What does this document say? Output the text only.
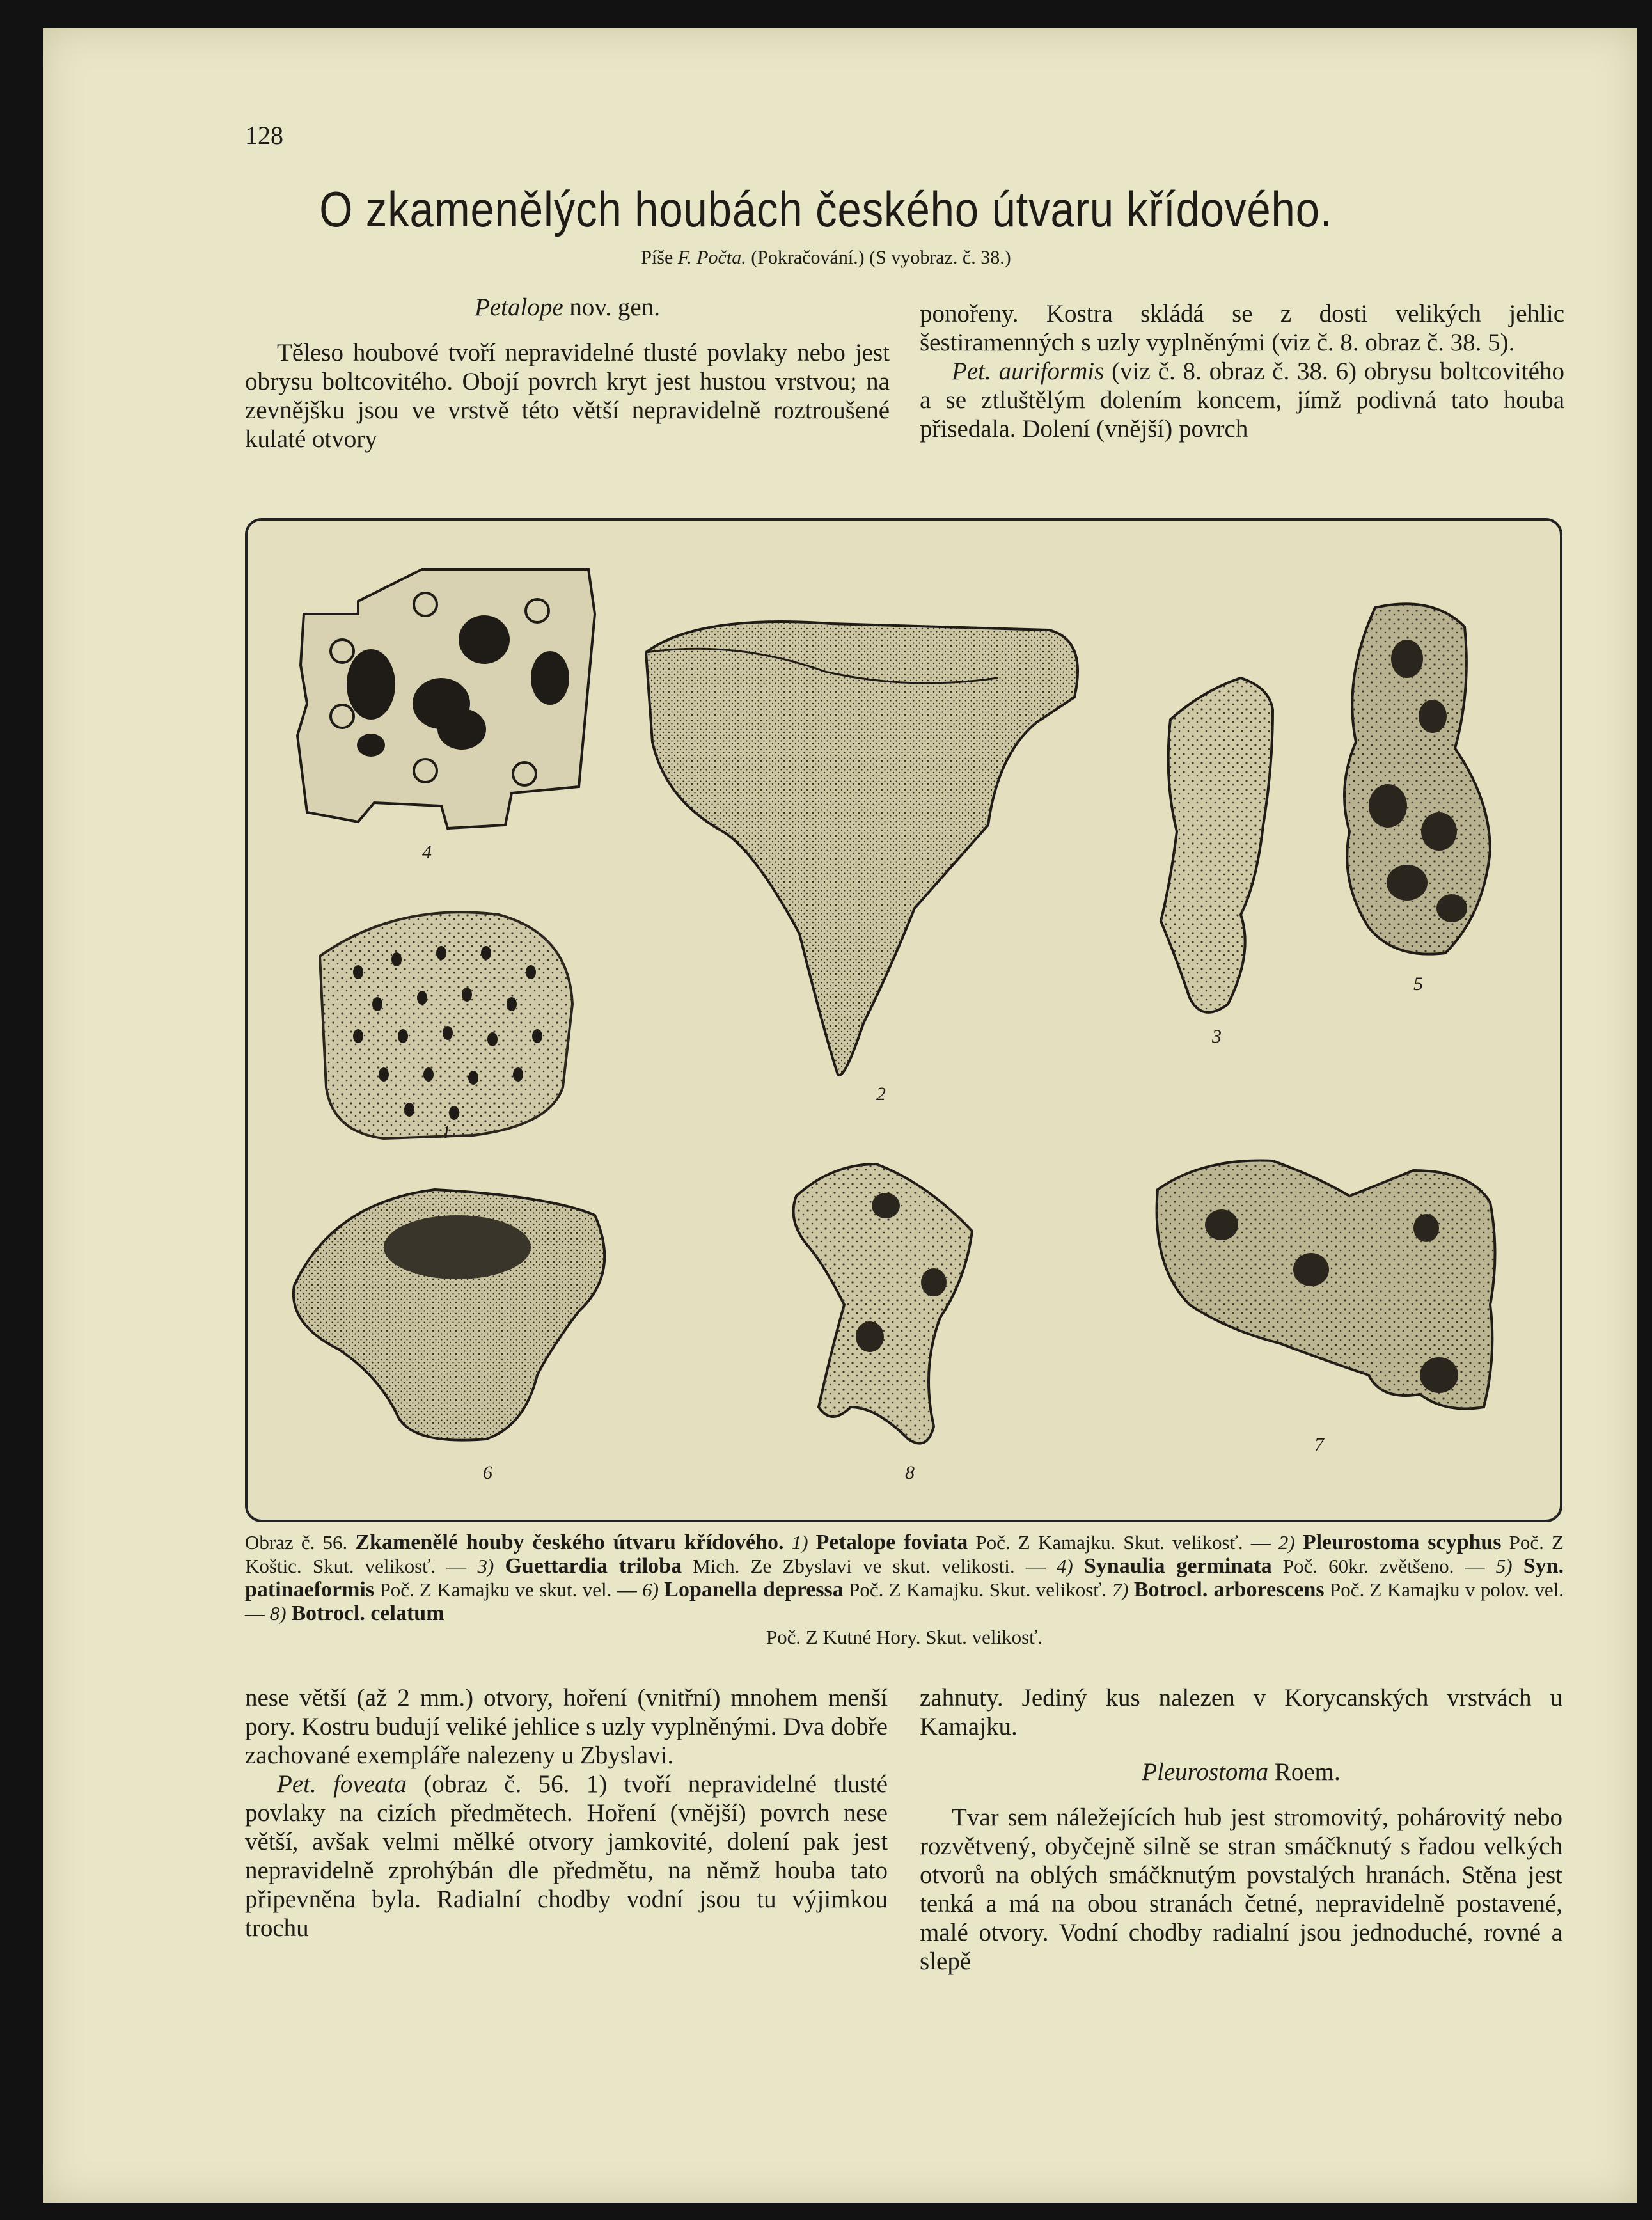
128
O zkamenělých houbách českého útvaru křídového.
Píše F. Počta. (Pokračování.) (S vyobraz. č. 38.)

Petalope nov. gen.

Těleso houbové tvoří nepravidelné tlusté povlaky nebo jest obrysu boltcovitého. Obojí povrch kryt jest hustou vrstvou; na zevnějšku jsou ve vrstvě této větší nepravidelně roztroušené kulaté otvory

ponořeny. Kostra skládá se z dosti velikých jehlic šestiramenných s uzly vyplněnými (viz č. 8. obraz č. 38. 5).

Pet. auriformis (viz č. 8. obraz č. 38. 6) obrysu boltcovitého a se ztluštělým dolením koncem, jímž podivná tato houba přisedala. Dolení (vnější) povrch

4
1
2
3
5
6	8
7
Obraz č. 56. Zkamenělé houby českého útvaru křídového. 1) Petalope foviata Poč. Z Kamajku. Skut. velikosť. — 2) Pleurostoma scyphus Poč. Z Koštic. Skut. velikosť. — 3) Guettardia triloba Mich. Ze Zbyslavi ve skut. velikosti. — 4) Synaulia germinata Poč. 60kr. zvětšeno. — 5) Syn. patinaeformis Poč. Z Kamajku ve skut. vel. — 6) Lopanella depressa Poč. Z Kamajku. Skut. velikosť. 7) Botrocl. arborescens Poč. Z Kamajku v polov. vel. — 8) Botrocl. celatum
Poč. Z Kutné Hory. Skut. velikosť.

nese větší (až 2 mm.) otvory, hoření (vnitřní) mnohem menší pory. Kostru budují veliké jehlice s uzly vyplněnými. Dva dobře zachované exempláře nalezeny u Zbyslavi.

Pet. foveata (obraz č. 56. 1) tvoří nepravidelné tlusté povlaky na cizích předmětech. Hoření (vnější) povrch nese větší, avšak velmi mělké otvory jamkovité, dolení pak jest nepravidelně zprohýbán dle předmětu, na němž houba tato připevněna byla. Radialní chodby vodní jsou tu výjimkou trochu

zahnuty. Jediný kus nalezen v Korycanských vrstvách u Kamajku.

Pleurostoma Roem.

Tvar sem náležejících hub jest stromovitý, pohárovitý nebo rozvětvený, obyčejně silně se stran smáčknutý s řadou velkých otvorů na oblých smáčknutým povstalých hranách. Stěna jest tenká a má na obou stranách četné, nepravidelně postavené, malé otvory. Vodní chodby radialní jsou jednoduché, rovné a slepě
